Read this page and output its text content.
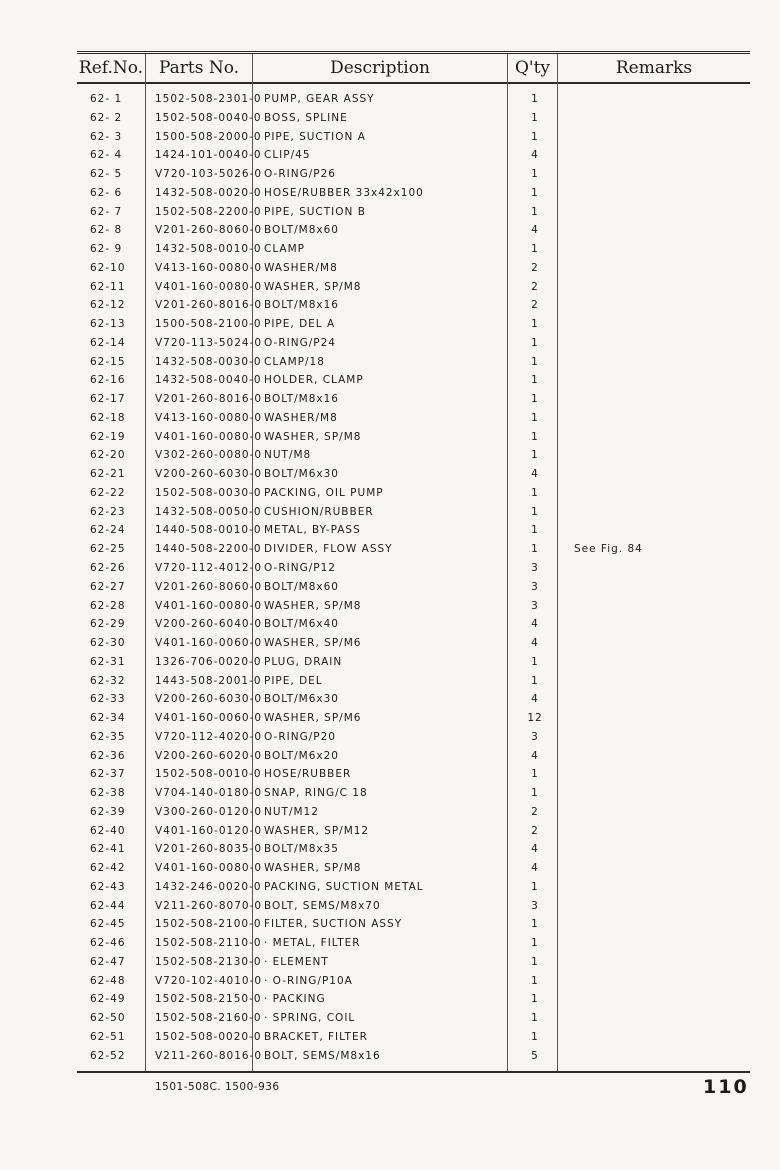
Ref.No. Parts No.	Description	Q'ty	Remarks
62- 1	1502-508-2301-0 PUMP, GEAR ASSY	1
62- 2	1502-508-0040-0 BOSS, SPLINE	1
62- 3	1500-508-2000-0 PIPE, SUCTION A	1
62- 4	1424-101-0040-0 CLIP/45	4
62- 5	V720-103-5026-0 O-RING/P26	1
62- 6	1432-508-0020-0 HOSE/RUBBER 33x42x100	1
62- 7	1502-508-2200-0 PIPE, SUCTION B	1
62- 8	V201-260-8060-0 BOLT/M8x60	4
62- 9	1432-508-0010-0 CLAMP	1
62-10	V413-160-0080-0 WASHER/M8	2
62-11	V401-160-0080-0 WASHER, SP/M8	2
62-12	V201-260-8016-0 BOLT/M8x16	2
62-13	1500-508-2100-0 PIPE, DEL A	1
62-14	V720-113-5024-0 O-RING/P24	1
62-15	1432-508-0030-0 CLAMP/18	1
62-16	1432-508-0040-0 HOLDER, CLAMP	1
62-17	V201-260-8016-0 BOLT/M8x16	1
62-18	V413-160-0080-0 WASHER/M8	1
62-19	V401-160-0080-0 WASHER, SP/M8	1
62-20	V302-260-0080-0 NUT/M8	1
62-21	V200-260-6030-0 BOLT/M6x30	4
62-22	1502-508-0030-0 PACKING, OIL PUMP	1
62-23	1432-508-0050-0 CUSHION/RUBBER	1
62-24	1440-508-0010-0 METAL, BY-PASS	1
62-25	1440-508-2200-0 DIVIDER, FLOW ASSY	1	See Fig. 84
62-26	V720-112-4012-0 O-RING/P12	3
62-27	V201-260-8060-0 BOLT/M8x60	3
62-28	V401-160-0080-0 WASHER, SP/M8	3
62-29	V200-260-6040-0 BOLT/M6x40	4
62-30	V401-160-0060-0 WASHER, SP/M6	4
62-31	1326-706-0020-0 PLUG, DRAIN	1
62-32	1443-508-2001-0 PIPE, DEL	1
62-33	V200-260-6030-0 BOLT/M6x30	4
62-34	V401-160-0060-0 WASHER, SP/M6	12
62-35	V720-112-4020-0 O-RING/P20	3
62-36	V200-260-6020-0 BOLT/M6x20	4
62-37	1502-508-0010-0 HOSE/RUBBER	1
62-38	V704-140-0180-0 SNAP, RING/C 18	1
62-39	V300-260-0120-0 NUT/M12	2
62-40	V401-160-0120-0 WASHER, SP/M12	2
62-41	V201-260-8035-0 BOLT/M8x35	4
62-42	V401-160-0080-0 WASHER, SP/M8	4
62-43	1432-246-0020-0 PACKING, SUCTION METAL	1
62-44	V211-260-8070-0 BOLT, SEMS/M8x70	3
62-45	1502-508-2100-0 FILTER, SUCTION ASSY	1
62-46	1502-508-2110-0 · METAL, FILTER	1
62-47	1502-508-2130-0 · ELEMENT	1
62-48	V720-102-4010-0 · O-RING/P10A	1
62-49	1502-508-2150-0 · PACKING	1
62-50	1502-508-2160-0 · SPRING, COIL	1
62-51	1502-508-0020-0 BRACKET, FILTER	1
62-52	V211-260-8016-0 BOLT, SEMS/M8x16	5
1501-508C. 1500-936	110
